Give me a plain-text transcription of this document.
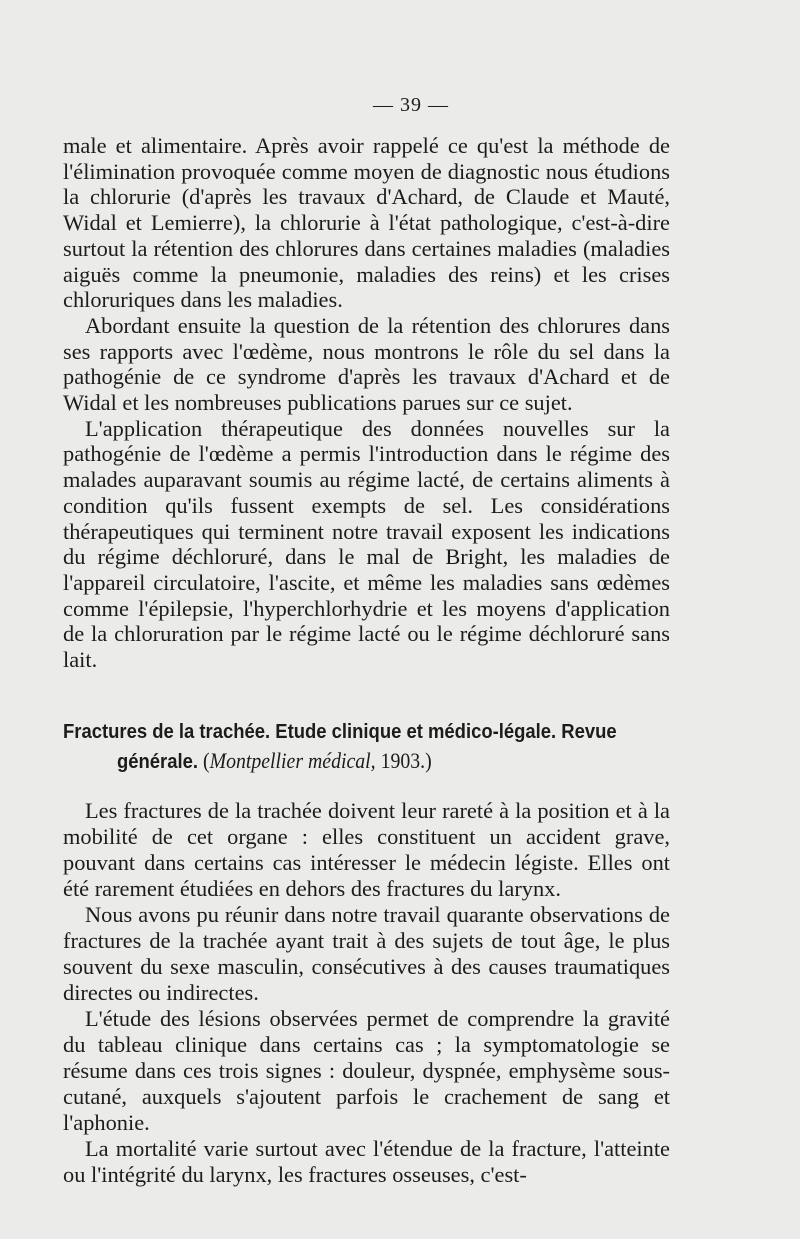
— 39 —

male et alimentaire. Après avoir rappelé ce qu'est la méthode de l'élimination provoquée comme moyen de diagnostic nous étudions la chlorurie (d'après les travaux d'Achard, de Claude et Mauté, Widal et Lemierre), la chlorurie à l'état pathologique, c'est-à-dire surtout la rétention des chlorures dans certaines maladies (maladies aiguës comme la pneumonie, maladies des reins) et les crises chloruriques dans les maladies.

Abordant ensuite la question de la rétention des chlorures dans ses rapports avec l'œdème, nous montrons le rôle du sel dans la pathogénie de ce syndrome d'après les travaux d'Achard et de Widal et les nombreuses publications parues sur ce sujet.

L'application thérapeutique des données nouvelles sur la pathogénie de l'œdème a permis l'introduction dans le régime des malades auparavant soumis au régime lacté, de certains aliments à condition qu'ils fussent exempts de sel. Les considérations thérapeutiques qui terminent notre travail exposent les indications du régime déchloruré, dans le mal de Bright, les maladies de l'appareil circulatoire, l'ascite, et même les maladies sans œdèmes comme l'épilepsie, l'hyperchlorhydrie et les moyens d'application de la chloruration par le régime lacté ou le régime déchloruré sans lait.

Fractures de la trachée. Etude clinique et médico-légale. Revue
générale. (Montpellier médical, 1903.)

Les fractures de la trachée doivent leur rareté à la position et à la mobilité de cet organe : elles constituent un accident grave, pouvant dans certains cas intéresser le médecin légiste. Elles ont été rarement étudiées en dehors des fractures du larynx.

Nous avons pu réunir dans notre travail quarante observations de fractures de la trachée ayant trait à des sujets de tout âge, le plus souvent du sexe masculin, consécutives à des causes traumatiques directes ou indirectes.

L'étude des lésions observées permet de comprendre la gravité du tableau clinique dans certains cas ; la symptomatologie se résume dans ces trois signes : douleur, dyspnée, emphysème sous-cutané, auxquels s'ajoutent parfois le crachement de sang et l'aphonie.

La mortalité varie surtout avec l'étendue de la fracture, l'atteinte ou l'intégrité du larynx, les fractures osseuses, c'est-
